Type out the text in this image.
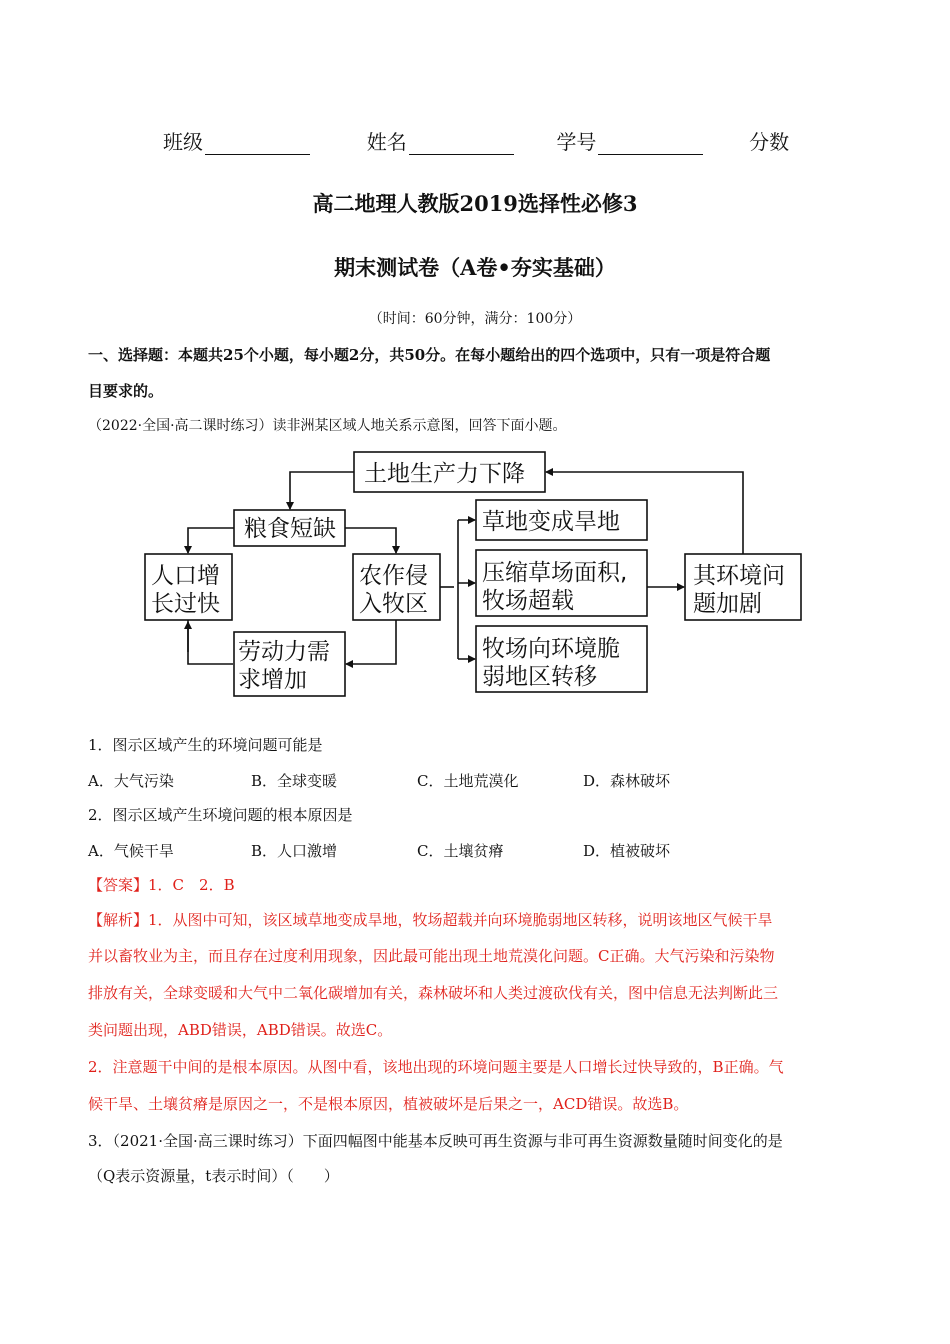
班级	姓名	学号	分数
高二地理人教版2019选择性必修3
期末测试卷（A卷•夯实基础）
（时间：60分钟，满分：100分）
一、选择题：本题共25个小题，每小题2分，共50分。在每小题给出的四个选项中，只有一项是符合题
目要求的。
（2022·全国·高二课时练习）读非洲某区域人地关系示意图，回答下面小题。
土地生产力下降
粮食短缺
人口增
长过快
农作侵
入牧区
劳动力需
求增加
草地变成旱地
压缩草场面积,
牧场超载
牧场向环境脆
弱地区转移
其环境问
题加剧
1．图示区域产生的环境问题可能是
A．大气污染	B．全球变暖	C．土地荒漠化	D．森林破坏
2．图示区域产生环境问题的根本原因是
A．气候干旱	B．人口激增	C．土壤贫瘠	D．植被破坏
【答案】1．C　2．B
【解析】1．从图中可知，该区域草地变成旱地，牧场超载并向环境脆弱地区转移，说明该地区气候干旱
并以畜牧业为主，而且存在过度利用现象，因此最可能出现土地荒漠化问题。C正确。大气污染和污染物
排放有关，全球变暖和大气中二氧化碳增加有关，森林破坏和人类过渡砍伐有关，图中信息无法判断此三
类问题出现，ABD错误，ABD错误。故选C。
2．注意题干中间的是根本原因。从图中看，该地出现的环境问题主要是人口增长过快导致的，B正确。气
候干旱、土壤贫瘠是原因之一，不是根本原因，植被破坏是后果之一，ACD错误。故选B。
3．（2021·全国·高三课时练习）下面四幅图中能基本反映可再生资源与非可再生资源数量随时间变化的是
（Q表示资源量，t表示时间）（　　）
